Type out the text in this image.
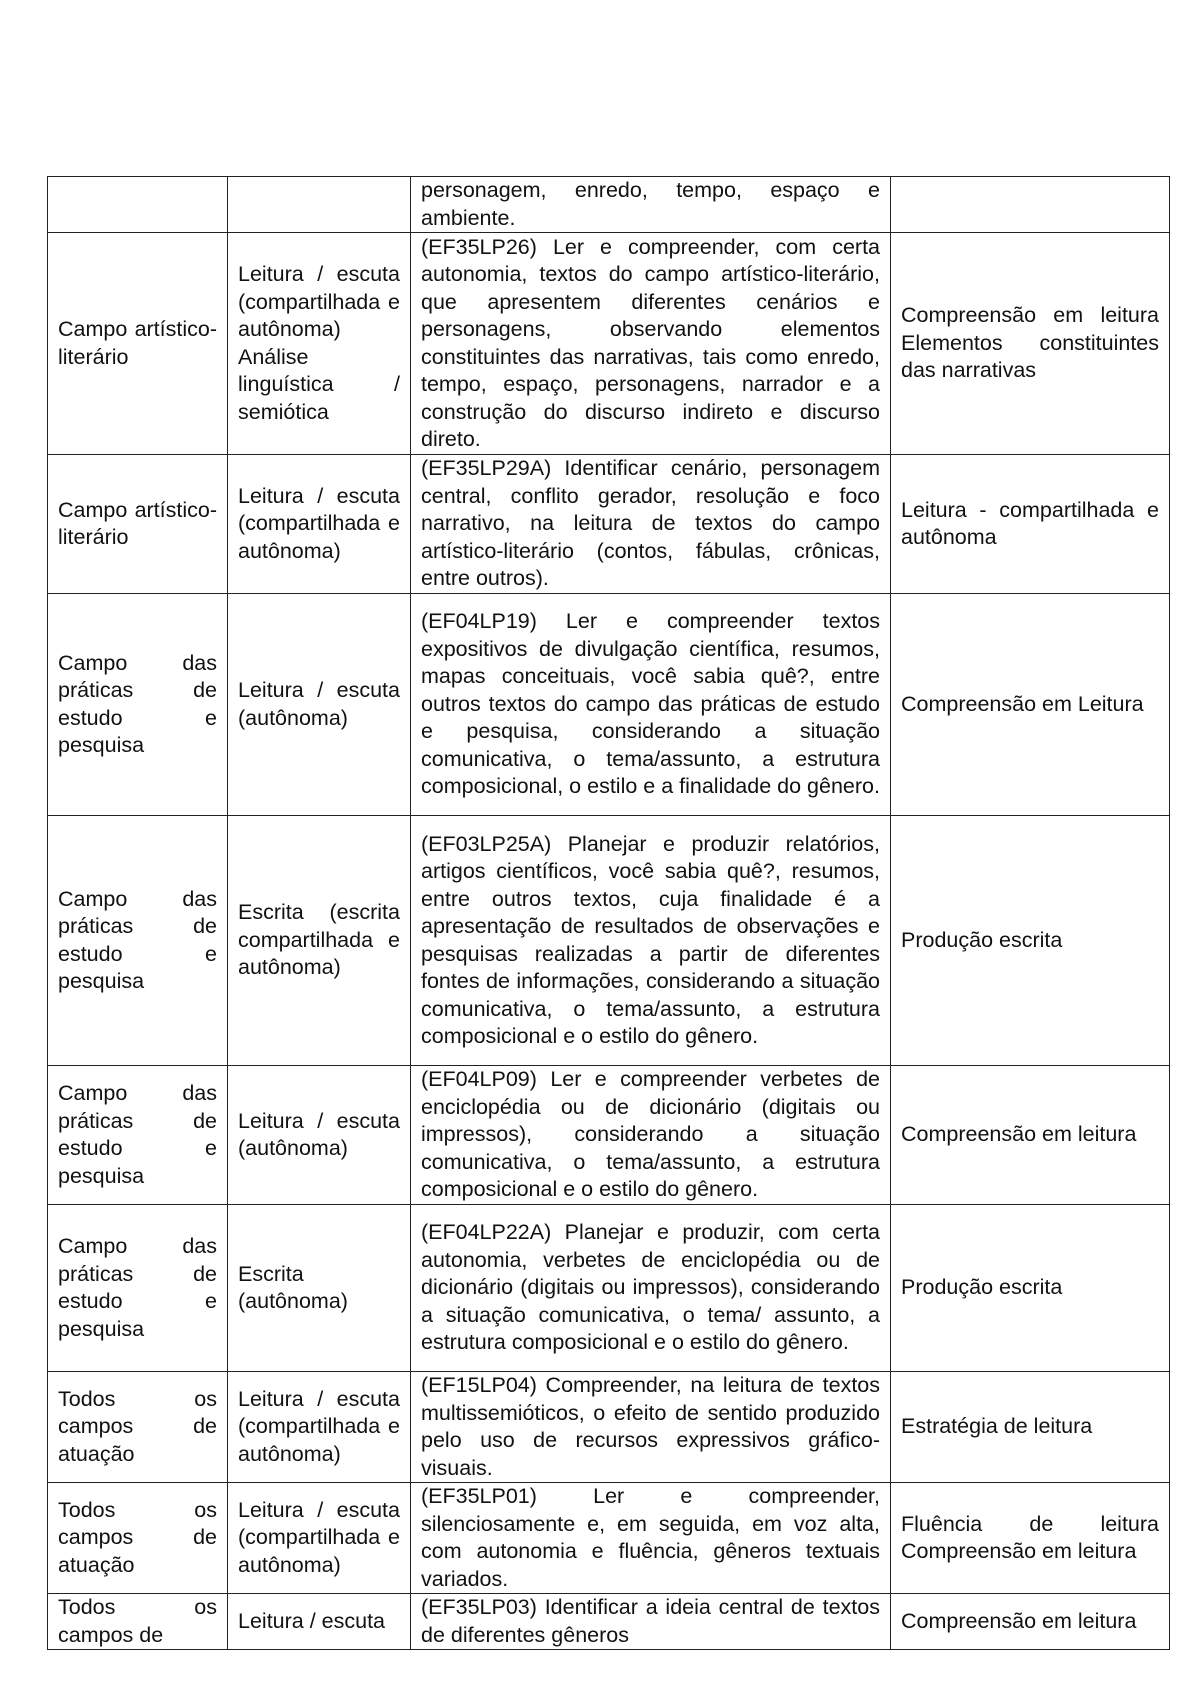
		personagem, enredo, tempo, espaço e ambiente.	
Campo artístico-literário	Leitura / escuta (compartilhada e autônoma) Análise linguística / semiótica	(EF35LP26) Ler e compreender, com certa autonomia, textos do campo artístico-literário, que apresentem diferentes cenários e personagens, observando elementos constituintes das narrativas, tais como enredo, tempo, espaço, personagens, narrador e a construção do discurso indireto e discurso direto.	Compreensão em leitura Elementos constituintes das narrativas
Campo artístico-literário	Leitura / escuta (compartilhada e autônoma)	(EF35LP29A) Identificar cenário, personagem central, conflito gerador, resolução e foco narrativo, na leitura de textos do campo artístico-literário (contos, fábulas, crônicas, entre outros).	Leitura - compartilhada e autônoma
Campo das práticas de estudo e pesquisa	Leitura / escuta (autônoma)	(EF04LP19) Ler e compreender textos expositivos de divulgação científica, resumos, mapas conceituais, você sabia quê?, entre outros textos do campo das práticas de estudo e pesquisa, considerando a situação comunicativa, o tema/assunto, a estrutura composicional, o estilo e a finalidade do gênero.	Compreensão em Leitura
Campo das práticas de estudo e pesquisa	Escrita (escrita compartilhada e autônoma)	(EF03LP25A) Planejar e produzir relatórios, artigos científicos, você sabia quê?, resumos, entre outros textos, cuja finalidade é a apresentação de resultados de observações e pesquisas realizadas a partir de diferentes fontes de informações, considerando a situação comunicativa, o tema/assunto, a estrutura composicional e o estilo do gênero.	Produção escrita
Campo das práticas de estudo e pesquisa	Leitura / escuta (autônoma)	(EF04LP09) Ler e compreender verbetes de enciclopédia ou de dicionário (digitais ou impressos), considerando a situação comunicativa, o tema/assunto, a estrutura composicional e o estilo do gênero.	Compreensão em leitura
Campo das práticas de estudo e pesquisa	Escrita (autônoma)	(EF04LP22A) Planejar e produzir, com certa autonomia, verbetes de enciclopédia ou de dicionário (digitais ou impressos), considerando a situação comunicativa, o tema/ assunto, a estrutura composicional e o estilo do gênero.	Produção escrita
Todos os campos de atuação	Leitura / escuta (compartilhada e autônoma)	(EF15LP04) Compreender, na leitura de textos multissemióticos, o efeito de sentido produzido pelo uso de recursos expressivos gráfico-visuais.	Estratégia de leitura
Todos os campos de atuação	Leitura / escuta (compartilhada e autônoma)	(EF35LP01) Ler e compreender, silenciosamente e, em seguida, em voz alta, com autonomia e fluência, gêneros textuais variados.	Fluência de leitura Compreensão em leitura
Todos os campos de	Leitura / escuta	(EF35LP03) Identificar a ideia central de textos de diferentes gêneros	Compreensão em leitura
